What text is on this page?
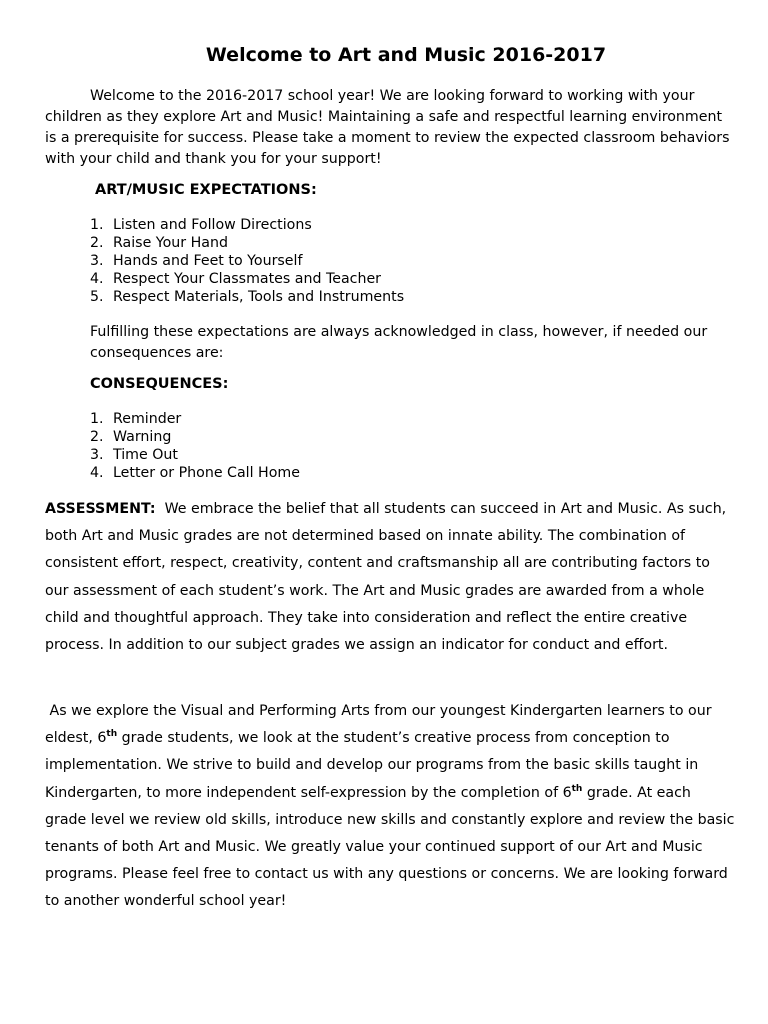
Welcome to Art and Music 2016-2017

Welcome to the 2016-2017 school year! We are looking forward to working with your children as they explore Art and Music! Maintaining a safe and respectful learning environment is a prerequisite for success. Please take a moment to review the expected classroom behaviors with your child and thank you for your support!

ART/MUSIC EXPECTATIONS:

1. Listen and Follow Directions
2. Raise Your Hand
3. Hands and Feet to Yourself
4. Respect Your Classmates and Teacher
5. Respect Materials, Tools and Instruments

Fulfilling these expectations are always acknowledged in class, however, if needed our consequences are:

CONSEQUENCES:

1. Reminder
2. Warning
3. Time Out
4. Letter or Phone Call Home

ASSESSMENT: We embrace the belief that all students can succeed in Art and Music. As such, both Art and Music grades are not determined based on innate ability. The combination of consistent effort, respect, creativity, content and craftsmanship all are contributing factors to our assessment of each student’s work. The Art and Music grades are awarded from a whole child and thoughtful approach. They take into consideration and reflect the entire creative process. In addition to our subject grades we assign an indicator for conduct and effort.

As we explore the Visual and Performing Arts from our youngest Kindergarten learners to our eldest, 6th grade students, we look at the student’s creative process from conception to implementation. We strive to build and develop our programs from the basic skills taught in Kindergarten, to more independent self-expression by the completion of 6th grade. At each grade level we review old skills, introduce new skills and constantly explore and review the basic tenants of both Art and Music. We greatly value your continued support of our Art and Music programs. Please feel free to contact us with any questions or concerns. We are looking forward to another wonderful school year!
